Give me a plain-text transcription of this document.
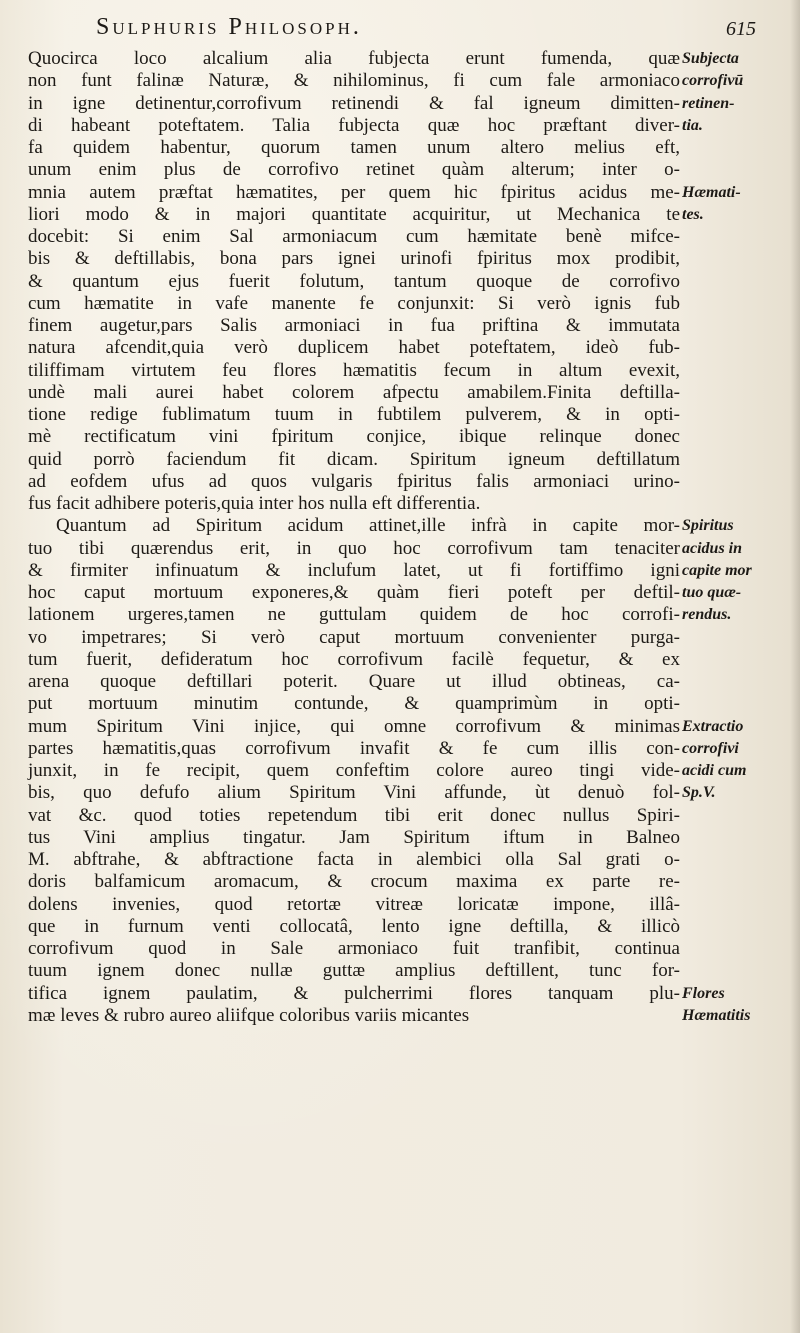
Sulphuris Philosoph.	615
Quocirca loco alcalium alia fubjecta erunt fumenda, quæ
non funt falinæ Naturæ, & nihilominus, fi cum fale armoniaco
in igne detinentur,corrofivum retinendi & fal igneum dimitten-
di habeant poteftatem. Talia fubjecta quæ hoc præftant diver-
fa quidem habentur, quorum tamen unum altero melius eft,
unum enim plus de corrofivo retinet quàm alterum; inter o-
mnia autem præftat hæmatites, per quem hic fpiritus acidus me-
liori modo & in majori quantitate acquiritur, ut Mechanica te
docebit: Si enim Sal armoniacum cum hæmitate benè mifce-
bis & deftillabis, bona pars ignei urinofi fpiritus mox prodibit,
& quantum ejus fuerit folutum, tantum quoque de corrofivo
cum hæmatite in vafe manente fe conjunxit: Si verò ignis fub
finem augetur,pars Salis armoniaci in fua priftina & immutata
natura afcendit,quia verò duplicem habet poteftatem, ideò fub-
tiliffimam virtutem feu flores hæmatitis fecum in altum evexit,
undè mali aurei habet colorem afpectu amabilem.Finita deftilla-
tione redige fublimatum tuum in fubtilem pulverem, & in opti-
mè rectificatum vini fpiritum conjice, ibique relinque donec
quid porrò faciendum fit dicam. Spiritum igneum deftillatum
ad eofdem ufus ad quos vulgaris fpiritus falis armoniaci urino-
fus facit adhibere poteris,quia inter hos nulla eft differentia.
Quantum ad Spiritum acidum attinet,ille infrà in capite mor-
tuo tibi quærendus erit, in quo hoc corrofivum tam tenaciter
& firmiter infinuatum & inclufum latet, ut fi fortiffimo igni
hoc caput mortuum exponeres,& quàm fieri poteft per deftil-
lationem urgeres,tamen ne guttulam quidem de hoc corrofi-
vo impetrares; Si verò caput mortuum convenienter purga-
tum fuerit, defideratum hoc corrofivum facilè fequetur, & ex
arena quoque deftillari poterit. Quare ut illud obtineas, ca-
put mortuum minutim contunde, & quamprimùm in opti-
mum Spiritum Vini injice, qui omne corrofivum & minimas
partes hæmatitis,quas corrofivum invafit & fe cum illis con-
junxit, in fe recipit, quem confeftim colore aureo tingi vide-
bis, quo defufo alium Spiritum Vini affunde, ùt denuò fol-
vat &c. quod toties repetendum tibi erit donec nullus Spiri-
tus Vini amplius tingatur. Jam Spiritum iftum in Balneo
M. abftrahe, & abftractione facta in alembici olla Sal grati o-
doris balfamicum aromacum, & crocum maxima ex parte re-
dolens invenies, quod retortæ vitreæ loricatæ impone, illâ-
que in furnum venti collocatâ, lento igne deftilla, & illicò
corrofivum quod in Sale armoniaco fuit tranfibit, continua
tuum ignem donec nullæ guttæ amplius deftillent, tunc for-
tifica ignem paulatim, & pulcherrimi flores tanquam plu-
mæ leves & rubro aureo aliifque coloribus variis micantes
Subjecta
corrofivū
retinen-
tia.
Hæmati-
tes.
Spiritus
acidus in
capite mor
tuo quæ-
rendus.
Extractio
corrofivi
acidi cum
Sp.V.
Flores
Hæmatitis
